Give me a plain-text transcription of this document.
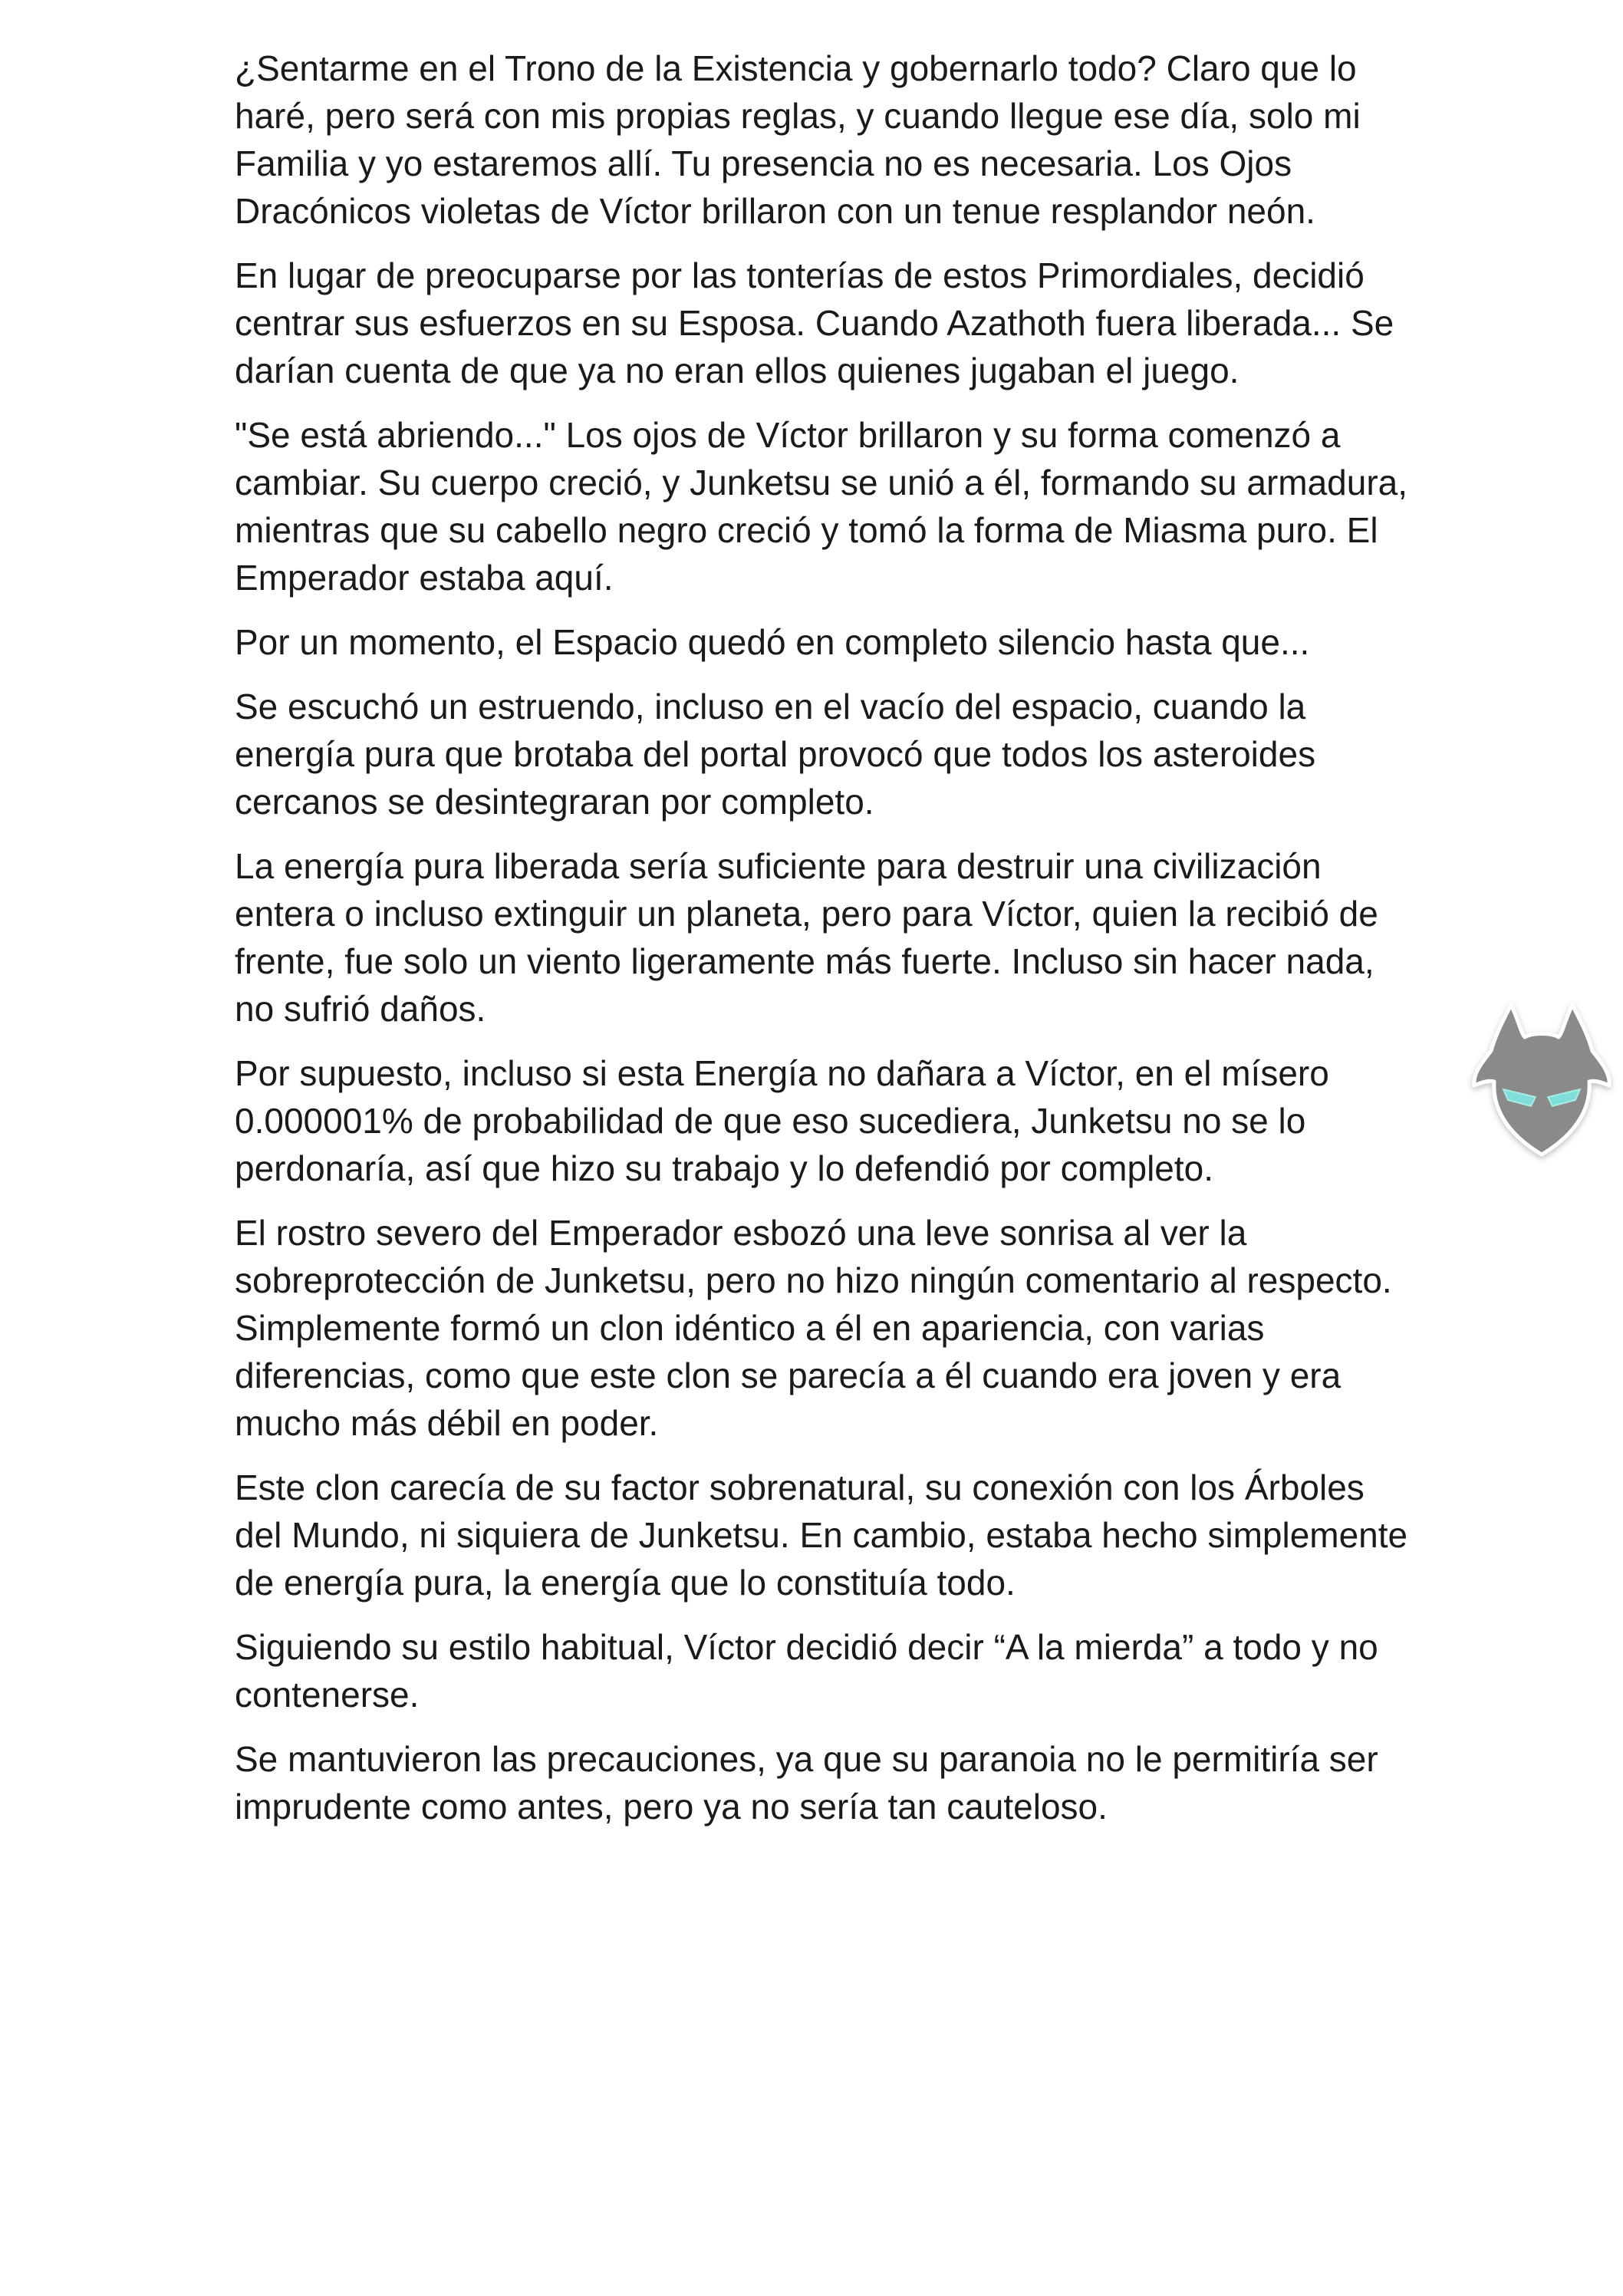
¿Sentarme en el Trono de la Existencia y gobernarlo todo? Claro que lo haré, pero será con mis propias reglas, y cuando llegue ese día, solo mi Familia y yo estaremos allí. Tu presencia no es necesaria. Los Ojos Dracónicos violetas de Víctor brillaron con un tenue resplandor neón.

En lugar de preocuparse por las tonterías de estos Primordiales, decidió centrar sus esfuerzos en su Esposa. Cuando Azathoth fuera liberada... Se darían cuenta de que ya no eran ellos quienes jugaban el juego.

"Se está abriendo..." Los ojos de Víctor brillaron y su forma comenzó a cambiar. Su cuerpo creció, y Junketsu se unió a él, formando su armadura, mientras que su cabello negro creció y tomó la forma de Miasma puro. El Emperador estaba aquí.

Por un momento, el Espacio quedó en completo silencio hasta que...

Se escuchó un estruendo, incluso en el vacío del espacio, cuando la energía pura que brotaba del portal provocó que todos los asteroides cercanos se desintegraran por completo.

La energía pura liberada sería suficiente para destruir una civilización entera o incluso extinguir un planeta, pero para Víctor, quien la recibió de frente, fue solo un viento ligeramente más fuerte. Incluso sin hacer nada, no sufrió daños.

Por supuesto, incluso si esta Energía no dañara a Víctor, en el mísero 0.000001% de probabilidad de que eso sucediera, Junketsu no se lo perdonaría, así que hizo su trabajo y lo defendió por completo.

El rostro severo del Emperador esbozó una leve sonrisa al ver la sobreprotección de Junketsu, pero no hizo ningún comentario al respecto. Simplemente formó un clon idéntico a él en apariencia, con varias diferencias, como que este clon se parecía a él cuando era joven y era mucho más débil en poder.

Este clon carecía de su factor sobrenatural, su conexión con los Árboles del Mundo, ni siquiera de Junketsu. En cambio, estaba hecho simplemente de energía pura, la energía que lo constituía todo.

Siguiendo su estilo habitual, Víctor decidió decir “A la mierda” a todo y no contenerse.

Se mantuvieron las precauciones, ya que su paranoia no le permitiría ser imprudente como antes, pero ya no sería tan cauteloso.
